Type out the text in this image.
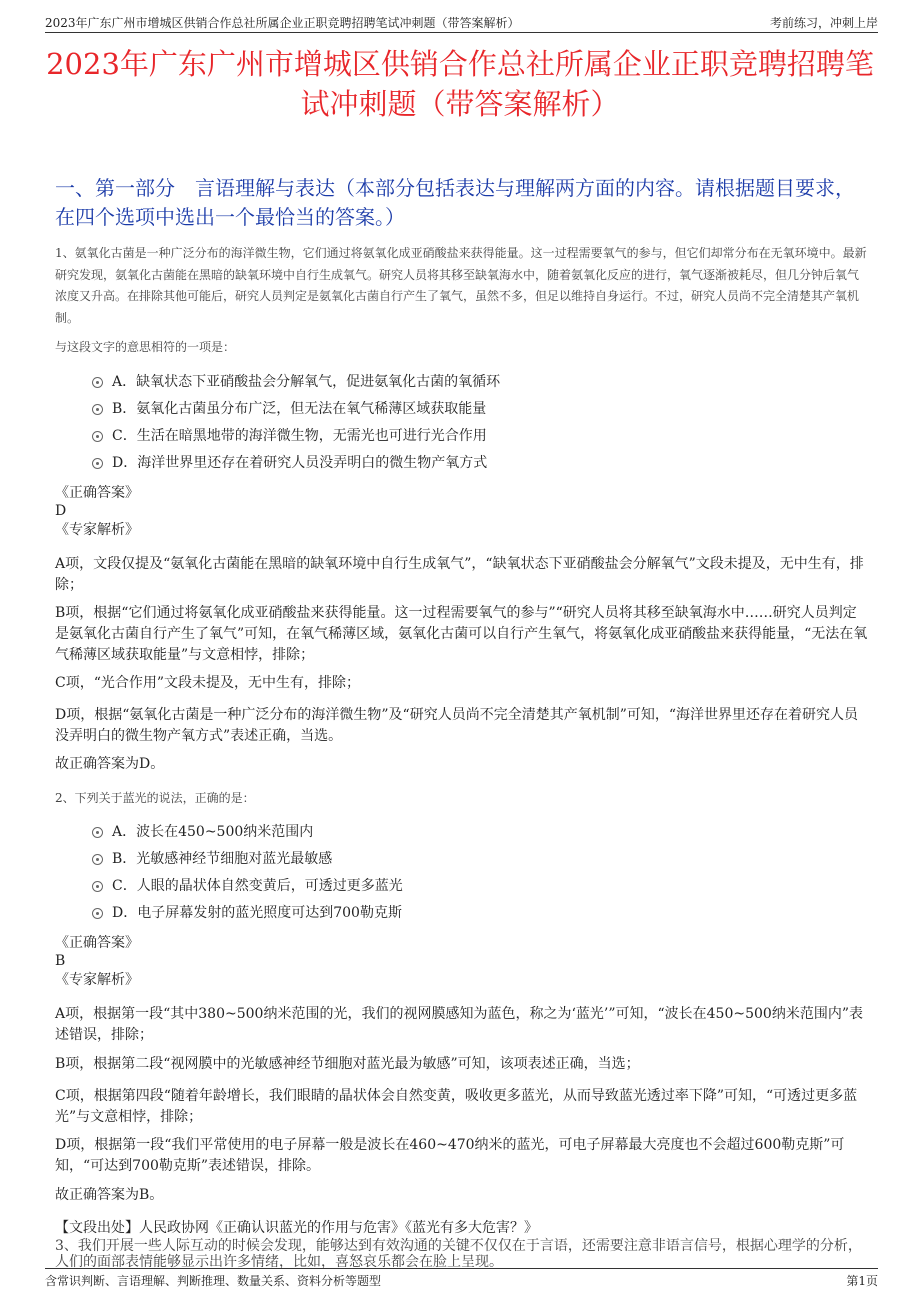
2023年广东广州市增城区供销合作总社所属企业正职竞聘招聘笔试冲刺题（带答案解析）	考前练习，冲刺上岸
2023年广东广州市增城区供销合作总社所属企业正职竞聘招聘笔试冲刺题（带答案解析）
一、第一部分　言语理解与表达（本部分包括表达与理解两方面的内容。请根据题目要求，在四个选项中选出一个最恰当的答案。）
1、氨氧化古菌是一种广泛分布的海洋微生物，它们通过将氨氧化成亚硝酸盐来获得能量。这一过程需要氧气的参与，但它们却常分布在无氧环境中。最新研究发现，氨氧化古菌能在黑暗的缺氧环境中自行生成氧气。研究人员将其移至缺氧海水中，随着氨氧化反应的进行，氧气逐渐被耗尽，但几分钟后氧气浓度又升高。在排除其他可能后，研究人员判定是氨氧化古菌自行产生了氧气，虽然不多，但足以维持自身运行。不过，研究人员尚不完全清楚其产氧机制。
与这段文字的意思相符的一项是：
A．缺氧状态下亚硝酸盐会分解氧气，促进氨氧化古菌的氧循环
B．氨氧化古菌虽分布广泛，但无法在氧气稀薄区域获取能量
C．生活在暗黑地带的海洋微生物，无需光也可进行光合作用
D．海洋世界里还存在着研究人员没弄明白的微生物产氧方式
《正确答案》
D
《专家解析》
A项，文段仅提及“氨氧化古菌能在黑暗的缺氧环境中自行生成氧气”，“缺氧状态下亚硝酸盐会分解氧气”文段未提及，无中生有，排除；
B项，根据“它们通过将氨氧化成亚硝酸盐来获得能量。这一过程需要氧气的参与”“研究人员将其移至缺氧海水中……研究人员判定是氨氧化古菌自行产生了氧气”可知，在氧气稀薄区域，氨氧化古菌可以自行产生氧气，将氨氧化成亚硝酸盐来获得能量，“无法在氧气稀薄区域获取能量”与文意相悖，排除；
C项，“光合作用”文段未提及，无中生有，排除；
D项，根据“氨氧化古菌是一种广泛分布的海洋微生物”及“研究人员尚不完全清楚其产氧机制”可知，“海洋世界里还存在着研究人员没弄明白的微生物产氧方式”表述正确，当选。
故正确答案为D。
2、下列关于蓝光的说法，正确的是：
A．波长在450~500纳米范围内
B．光敏感神经节细胞对蓝光最敏感
C．人眼的晶状体自然变黄后，可透过更多蓝光
D．电子屏幕发射的蓝光照度可达到700勒克斯
《正确答案》
B
《专家解析》
A项，根据第一段“其中380~500纳米范围的光，我们的视网膜感知为蓝色，称之为‘蓝光’”可知，“波长在450~500纳米范围内”表述错误，排除；
B项，根据第二段“视网膜中的光敏感神经节细胞对蓝光最为敏感”可知，该项表述正确，当选；
C项，根据第四段“随着年龄增长，我们眼睛的晶状体会自然变黄，吸收更多蓝光，从而导致蓝光透过率下降”可知，“可透过更多蓝光”与文意相悖，排除；
D项，根据第一段“我们平常使用的电子屏幕一般是波长在460~470纳米的蓝光，可电子屏幕最大亮度也不会超过600勒克斯”可知，“可达到700勒克斯”表述错误，排除。
故正确答案为B。
【文段出处】人民政协网《正确认识蓝光的作用与危害》《蓝光有多大危害？》
3、我们开展一些人际互动的时候会发现，能够达到有效沟通的关键不仅仅在于言语，还需要注意非语言信号，根据心理学的分析，人们的面部表情能够显示出许多情绪，比如，喜怒哀乐都会在脸上呈现。
含常识判断、言语理解、判断推理、数量关系、资料分析等题型	第1页
